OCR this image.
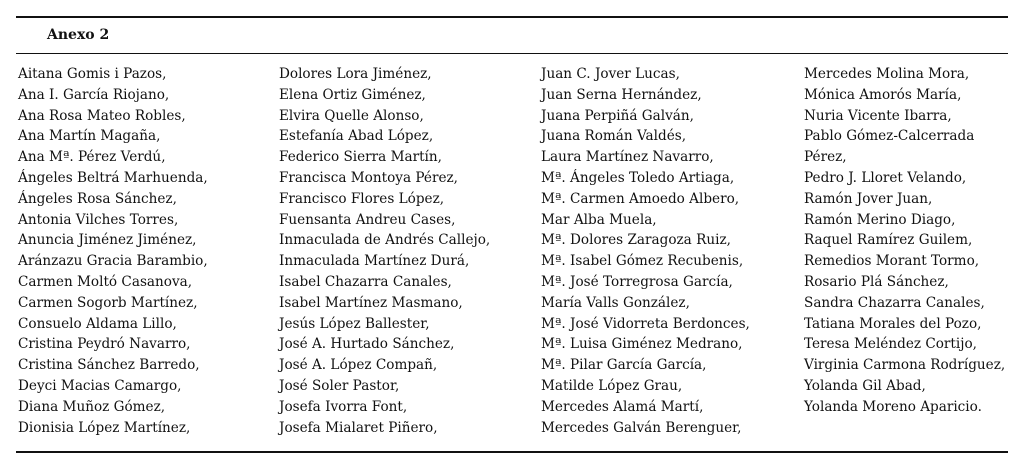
Anexo 2
Aitana Gomis i Pazos,
Ana I. García Riojano,
Ana Rosa Mateo Robles,
Ana Martín Magaña,
Ana Mª. Pérez Verdú,
Ángeles Beltrá Marhuenda,
Ángeles Rosa Sánchez,
Antonia Vilches Torres,
Anuncia Jiménez Jiménez,
Aránzazu Gracia Barambio,
Carmen Moltó Casanova,
Carmen Sogorb Martínez,
Consuelo Aldama Lillo,
Cristina Peydró Navarro,
Cristina Sánchez Barredo,
Deyci Macias Camargo,
Diana Muñoz Gómez,
Dionisia López Martínez,
Dolores Lora Jiménez,
Elena Ortiz Giménez,
Elvira Quelle Alonso,
Estefanía Abad López,
Federico Sierra Martín,
Francisca Montoya Pérez,
Francisco Flores López,
Fuensanta Andreu Cases,
Inmaculada de Andrés Callejo,
Inmaculada Martínez Durá,
Isabel Chazarra Canales,
Isabel Martínez Masmano,
Jesús López Ballester,
José A. Hurtado Sánchez,
José A. López Compañ,
José Soler Pastor,
Josefa Ivorra Font,
Josefa Mialaret Piñero,
Juan C. Jover Lucas,
Juan Serna Hernández,
Juana Perpiñá Galván,
Juana Román Valdés,
Laura Martínez Navarro,
Mª. Ángeles Toledo Artiaga,
Mª. Carmen Amoedo Albero,
Mar Alba Muela,
Mª. Dolores Zaragoza Ruiz,
Mª. Isabel Gómez Recubenis,
Mª. José Torregrosa García,
María Valls González,
Mª. José Vidorreta Berdonces,
Mª. Luisa Giménez Medrano,
Mª. Pilar García García,
Matilde López Grau,
Mercedes Alamá Martí,
Mercedes Galván Berenguer,
Mercedes Molina Mora,
Mónica Amorós María,
Nuria Vicente Ibarra,
Pablo Gómez-Calcerrada
Pérez,
Pedro J. Lloret Velando,
Ramón Jover Juan,
Ramón Merino Diago,
Raquel Ramírez Guilem,
Remedios Morant Tormo,
Rosario Plá Sánchez,
Sandra Chazarra Canales,
Tatiana Morales del Pozo,
Teresa Meléndez Cortijo,
Virginia Carmona Rodríguez,
Yolanda Gil Abad,
Yolanda Moreno Aparicio.
